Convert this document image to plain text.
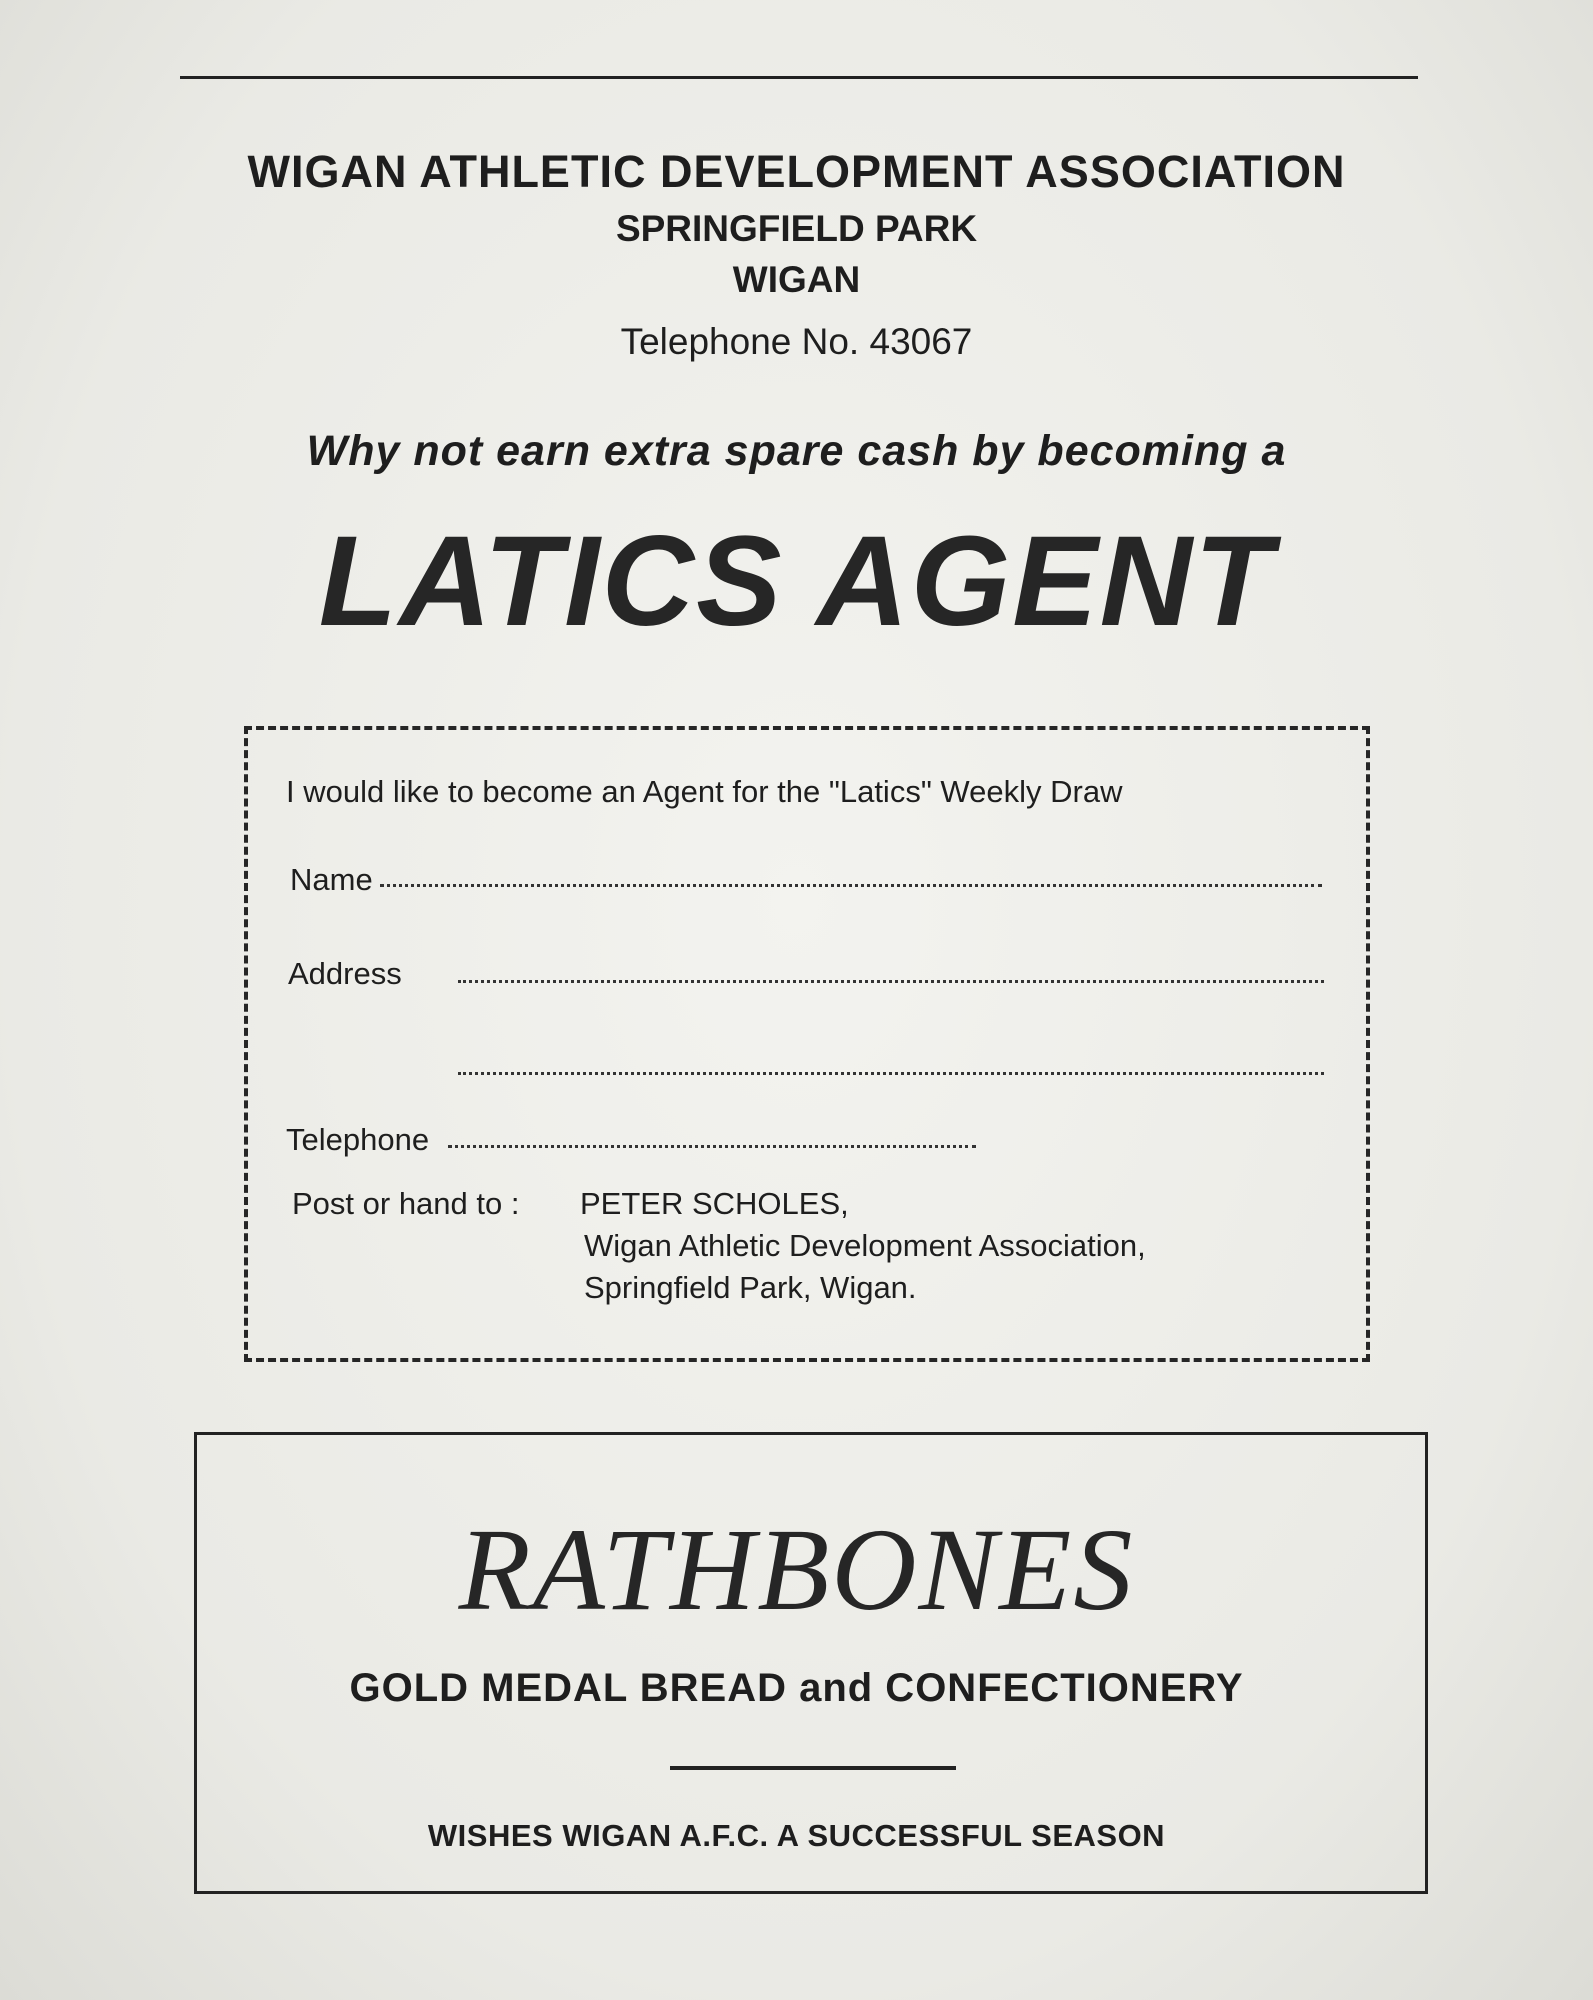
WIGAN ATHLETIC DEVELOPMENT ASSOCIATION
SPRINGFIELD PARK
WIGAN
Telephone No. 43067
Why not earn extra spare cash by becoming a
LATICS AGENT
I would like to become an Agent for the "Latics" Weekly Draw
Name
Address
Telephone
Post or hand to : PETER SCHOLES,
Wigan Athletic Development Association,
Springfield Park, Wigan.
RATHBONES
GOLD MEDAL BREAD and CONFECTIONERY
WISHES WIGAN A.F.C. A SUCCESSFUL SEASON
